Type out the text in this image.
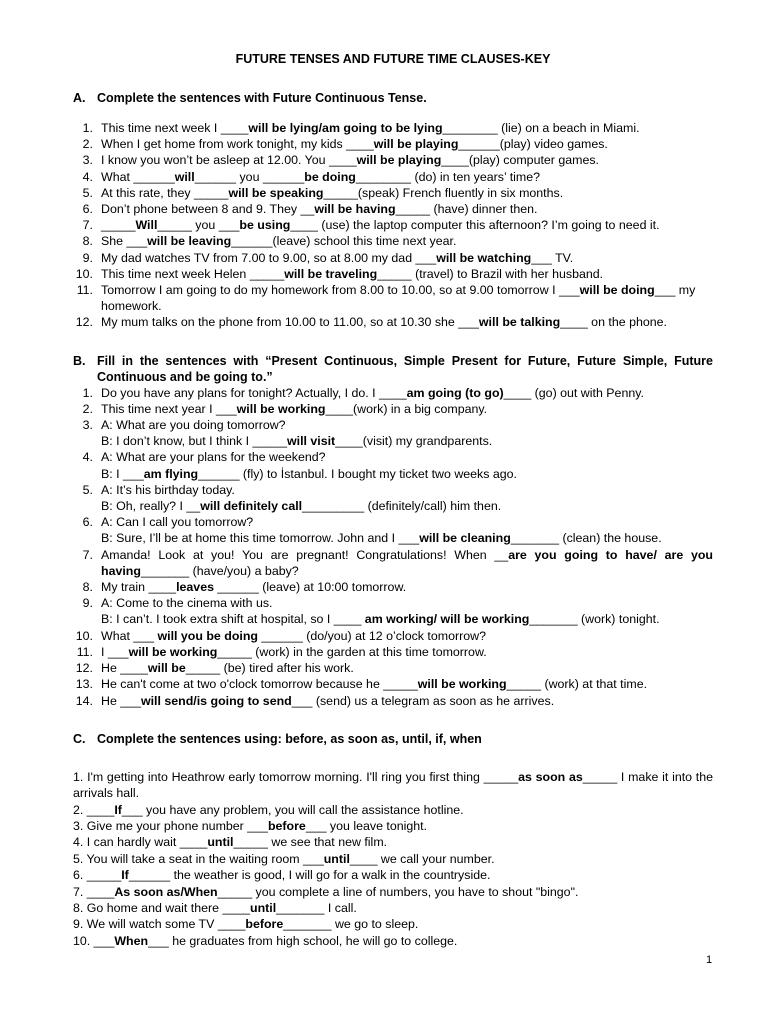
FUTURE TENSES AND FUTURE TIME CLAUSES-KEY
A. Complete the sentences with Future Continuous Tense.
1. This time next week I ____will be lying/am going to be lying________ (lie) on a beach in Miami.
2. When I get home from work tonight, my kids ____will be playing______(play) video games.
3. I know you won’t be asleep at 12.00. You ____will be playing____(play) computer games.
4. What ______will______ you ______be doing________ (do) in ten years’ time?
5. At this rate, they _____will be speaking_____(speak) French fluently in six months.
6. Don’t phone between 8 and 9. They __will be having_____ (have) dinner then.
7. _____Will_____ you ___be using____ (use) the laptop computer this afternoon? I’m going to need it.
8. She ___will be leaving______(leave) school this time next year.
9. My dad watches TV from 7.00 to 9.00, so at 8.00 my dad ___will be watching___ TV.
10. This time next week Helen _____will be traveling_____ (travel) to Brazil with her husband.
11. Tomorrow I am going to do my homework from 8.00 to 10.00, so at 9.00 tomorrow I ___will be doing___ my homework.
12. My mum talks on the phone from 10.00 to 11.00, so at 10.30 she ___will be talking____ on the phone.
B. Fill in the sentences with “Present Continuous, Simple Present for Future, Future Simple, Future Continuous and be going to.”
1. Do you have any plans for tonight? Actually, I do. I ____am going (to go)____ (go) out with Penny.
2. This time next year I ___will be working____(work) in a big company.
3. A: What are you doing tomorrow?
B: I don’t know, but I think I _____will visit____(visit) my grandparents.
4. A: What are your plans for the weekend?
B: I ___am flying______ (fly) to İstanbul. I bought my ticket two weeks ago.
5. A: It’s his birthday today.
B: Oh, really? I __will definitely call_________ (definitely/call) him then.
6. A: Can I call you tomorrow?
B: Sure, I’ll be at home this time tomorrow. John and I ___will be cleaning_______ (clean) the house.
7. Amanda! Look at you! You are pregnant! Congratulations! When __are you going to have/ are you having_______ (have/you) a baby?
8. My train ____leaves ______ (leave) at 10:00 tomorrow.
9. A: Come to the cinema with us.
B: I can’t. I took extra shift at hospital, so I ____ am working/ will be working_______ (work) tonight.
10. What ___ will you be doing ______ (do/you) at 12 o’clock tomorrow?
11. I ___will be working_____ (work) in the garden at this time tomorrow.
12. He ____will be_____ (be) tired after his work.
13. He can't come at two o'clock tomorrow because he _____will be working_____ (work) at that time.
14. He ___will send/is going to send___ (send) us a telegram as soon as he arrives.
C. Complete the sentences using: before, as soon as, until, if, when
1. I'm getting into Heathrow early tomorrow morning. I'll ring you first thing _____as soon as_____ I make it into the arrivals hall.
2. ____If___ you have any problem, you will call the assistance hotline.
3. Give me your phone number ___before___ you leave tonight.
4. I can hardly wait ____until_____ we see that new film.
5. You will take a seat in the waiting room ___until____ we call your number.
6. _____If______ the weather is good, I will go for a walk in the countryside.
7. ____As soon as/When_____ you complete a line of numbers, you have to shout "bingo".
8. Go home and wait there ____until_______ I call.
9. We will watch some TV ____before_______ we go to sleep.
10. ___When___ he graduates from high school, he will go to college.
1
